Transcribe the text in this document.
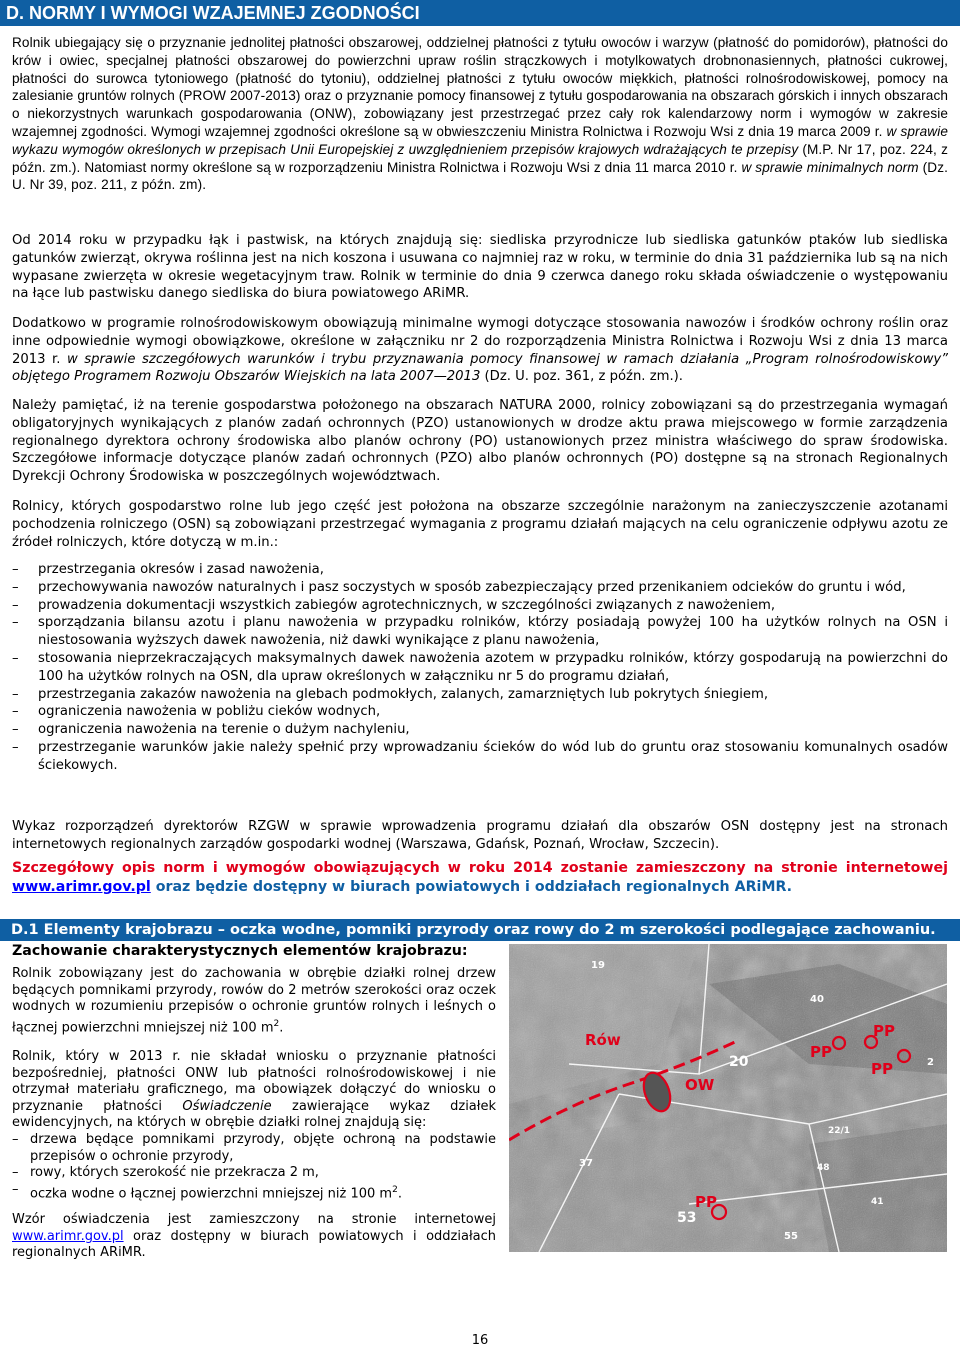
D. NORMY I WYMOGI WZAJEMNEJ ZGODNOŚCI

Rolnik ubiegający się o przyznanie jednolitej płatności obszarowej, oddzielnej płatności z tytułu owoców i warzyw (płatność do pomidorów), płatności do krów i owiec, specjalnej płatności obszarowej do powierzchni upraw roślin strączkowych i motylkowatych drobnonasiennych, płatności cukrowej, płatności do surowca tytoniowego (płatność do tytoniu), oddzielnej płatności z tytułu owoców miękkich, płatności rolnośrodowiskowej, pomocy na zalesianie gruntów rolnych (PROW 2007-2013) oraz o przyznanie pomocy finansowej z tytułu gospodarowania na obszarach górskich i innych obszarach o niekorzystnych warunkach gospodarowania (ONW), zobowiązany jest przestrzegać przez cały rok kalendarzowy norm i wymogów w zakresie wzajemnej zgodności. Wymogi wzajemnej zgodności określone są w obwieszczeniu Ministra Rolnictwa i Rozwoju Wsi z dnia 19 marca 2009 r. w sprawie wykazu wymogów określonych w przepisach Unii Europejskiej z uwzględnieniem przepisów krajowych wdrażających te przepisy (M.P. Nr 17, poz. 224, z późn. zm.). Natomiast normy określone są w rozporządzeniu Ministra Rolnictwa i Rozwoju Wsi z dnia 11 marca 2010 r. w sprawie minimalnych norm (Dz. U. Nr 39, poz. 211, z późn. zm).

Od 2014 roku w przypadku łąk i pastwisk, na których znajdują się: siedliska przyrodnicze lub siedliska gatunków ptaków lub siedliska gatunków zwierząt, okrywa roślinna jest na nich koszona i usuwana co najmniej raz w roku, w terminie do dnia 31 października lub są na nich wypasane zwierzęta w okresie wegetacyjnym traw. Rolnik w terminie do dnia 9 czerwca danego roku składa oświadczenie o występowaniu na łące lub pastwisku danego siedliska do biura powiatowego ARiMR.

Dodatkowo w programie rolnośrodowiskowym obowiązują minimalne wymogi dotyczące stosowania nawozów i środków ochrony roślin oraz inne odpowiednie wymogi obowiązkowe, określone w załączniku nr 2 do rozporządzenia Ministra Rolnictwa i Rozwoju Wsi z dnia 13 marca 2013 r. w sprawie szczegółowych warunków i trybu przyznawania pomocy finansowej w ramach działania „Program rolnośrodowiskowy” objętego Programem Rozwoju Obszarów Wiejskich na lata 2007—2013 (Dz. U. poz. 361, z późn. zm.).

Należy pamiętać, iż na terenie gospodarstwa położonego na obszarach NATURA 2000, rolnicy zobowiązani są do przestrzegania wymagań obligatoryjnych wynikających z planów zadań ochronnych (PZO) ustanowionych w drodze aktu prawa miejscowego w formie zarządzenia regionalnego dyrektora ochrony środowiska albo planów ochrony (PO) ustanowionych przez ministra właściwego do spraw środowiska. Szczegółowe informacje dotyczące planów zadań ochronnych (PZO) albo planów ochronnych (PO) dostępne są na stronach Regionalnych Dyrekcji Ochrony Środowiska w poszczególnych województwach.

Rolnicy, których gospodarstwo rolne lub jego część jest położona na obszarze szczególnie narażonym na zanieczyszczenie azotanami pochodzenia rolniczego (OSN) są zobowiązani przestrzegać wymagania z programu działań mających na celu ograniczenie odpływu azotu ze źródeł rolniczych, które dotyczą w m.in.:

– przestrzegania okresów i zasad nawożenia,
– przechowywania nawozów naturalnych i pasz soczystych w sposób zabezpieczający przed przenikaniem odcieków do gruntu i wód,
– prowadzenia dokumentacji wszystkich zabiegów agrotechnicznych, w szczególności związanych z nawożeniem,
– sporządzania bilansu azotu i planu nawożenia w przypadku rolników, którzy posiadają powyżej 100 ha użytków rolnych na OSN i niestosowania wyższych dawek nawożenia, niż dawki wynikające z planu nawożenia,
– stosowania nieprzekraczających maksymalnych dawek nawożenia azotem w przypadku rolników, którzy gospodarują na powierzchni do 100 ha użytków rolnych na OSN, dla upraw określonych w załączniku nr 5 do programu działań,
– przestrzegania zakazów nawożenia na glebach podmokłych, zalanych, zamarzniętych lub pokrytych śniegiem,
– ograniczenia nawożenia w pobliżu cieków wodnych,
– ograniczenia nawożenia na terenie o dużym nachyleniu,
– przestrzeganie warunków jakie należy spełnić przy wprowadzaniu ścieków do wód lub do gruntu oraz stosowaniu komunalnych osadów ściekowych.

Wykaz rozporządzeń dyrektorów RZGW w sprawie wprowadzenia programu działań dla obszarów OSN dostępny jest na stronach internetowych regionalnych zarządów gospodarki wodnej (Warszawa, Gdańsk, Poznań, Wrocław, Szczecin).

Szczegółowy opis norm i wymogów obowiązujących w roku 2014 zostanie zamieszczony na stronie internetowej www.arimr.gov.pl oraz będzie dostępny w biurach powiatowych i oddziałach regionalnych ARiMR.

D.1 Elementy krajobrazu – oczka wodne, pomniki przyrody oraz rowy do 2 m szerokości podlegające zachowaniu.
Zachowanie charakterystycznych elementów krajobrazu:

Rolnik zobowiązany jest do zachowania w obrębie działki rolnej drzew będących pomnikami przyrody, rowów do 2 metrów szerokości oraz oczek wodnych w rozumieniu przepisów o ochronie gruntów rolnych i leśnych o łącznej powierzchni mniejszej niż 100 $m^2$.

Rolnik, który w 2013 r. nie składał wniosku o przyznanie płatności bezpośredniej, płatności ONW lub płatności rolnośrodowiskowej i nie otrzymał materiału graficznego, ma obowiązek dołączyć do wniosku o przyznanie płatności Oświadczenie zawierające wykaz działek ewidencyjnych, na których w obrębie działki rolnej znajdują się:

– drzewa będące pomnikami przyrody, objęte ochroną na podstawie przepisów o ochronie przyrody,
– rowy, których szerokość nie przekracza 2 m,
– oczka wodne o łącznej powierzchni mniejszej niż 100 $m^2$.

Wzór oświadczenia jest zamieszczony na stronie internetowej www.arimr.gov.pl oraz dostępny w biurach powiatowych i oddziałach regionalnych ARiMR.

Rów
OW
PP
PP
PP
PP
19
40
20	2
22/1
37	48
41
53
55
16
